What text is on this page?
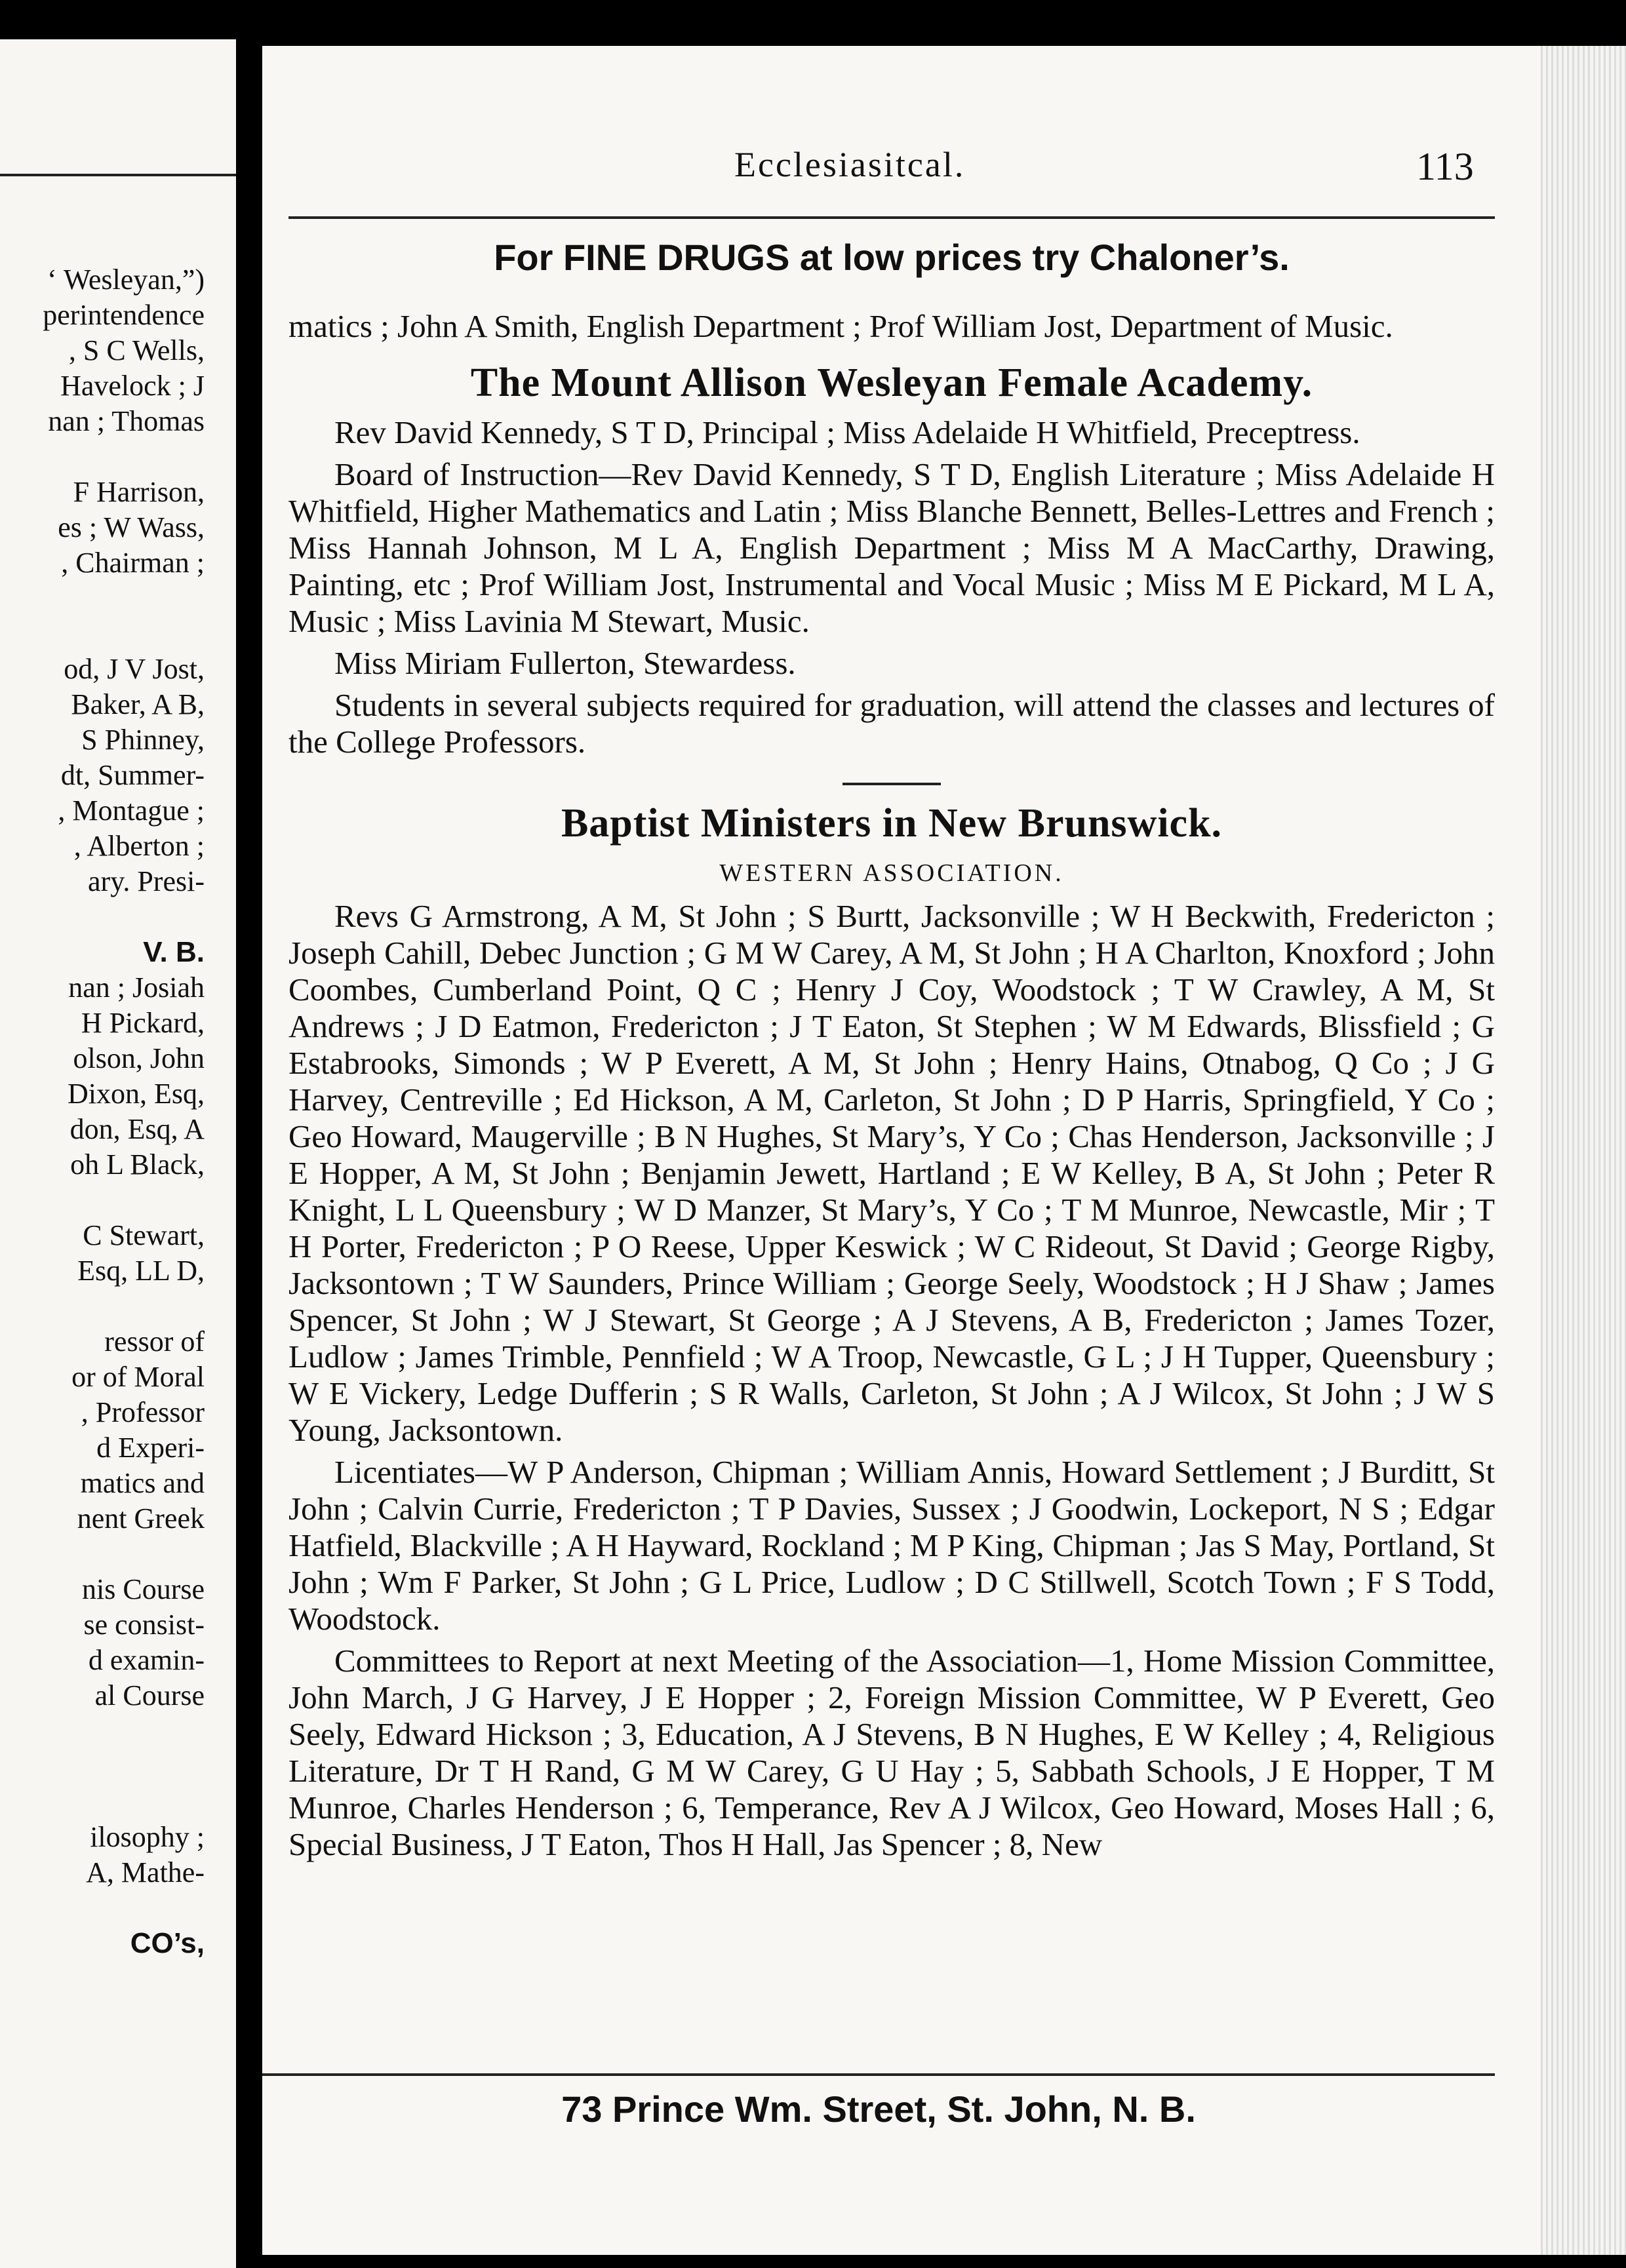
‘ Wesleyan,”)
perintendence
, S C Wells,
Havelock ; J
nan ; Thomas
F Harrison,
es ; W Wass,
, Chairman ;
od, J V Jost,
Baker, A B,
S Phinney,
dt, Summer-
, Montague ;
, Alberton ;
ary. Presi-
V. B.
nan ; Josiah
H Pickard,
olson, John
Dixon, Esq,
don, Esq, A
oh L Black,
C Stewart,
Esq, LL D,
ressor of
or of Moral
, Professor
d Experi-
matics and
nent Greek
nis Course
se consist-
d examin-
al Course
ilosophy ;
A, Mathe-
CO’s,
Ecclesiasitcal.	113
For FINE DRUGS at low prices try Chaloner’s.

matics ; John A Smith, English Department ; Prof William Jost, Department of Music.

The Mount Allison Wesleyan Female Academy.

Rev David Kennedy, S T D, Principal ; Miss Adelaide H Whitfield, Preceptress.

Board of Instruction—Rev David Kennedy, S T D, English Literature ; Miss Adelaide H Whitfield, Higher Mathematics and Latin ; Miss Blanche Bennett, Belles-Lettres and French ; Miss Hannah Johnson, M L A, English Department ; Miss M A MacCarthy, Drawing, Painting, etc ; Prof William Jost, Instrumental and Vocal Music ; Miss M E Pickard, M L A, Music ; Miss Lavinia M Stewart, Music.

Miss Miriam Fullerton, Stewardess.

Students in several subjects required for graduation, will attend the classes and lectures of the College Professors.

Baptist Ministers in New Brunswick.
WESTERN ASSOCIATION.

Revs G Armstrong, A M, St John ; S Burtt, Jacksonville ; W H Beckwith, Fredericton ; Joseph Cahill, Debec Junction ; G M W Carey, A M, St John ; H A Charlton, Knoxford ; John Coombes, Cumberland Point, Q C ; Henry J Coy, Woodstock ; T W Crawley, A M, St Andrews ; J D Eatmon, Fredericton ; J T Eaton, St Stephen ; W M Edwards, Blissfield ; G Estabrooks, Simonds ; W P Everett, A M, St John ; Henry Hains, Otnabog, Q Co ; J G Harvey, Centreville ; Ed Hickson, A M, Carleton, St John ; D P Harris, Springfield, Y Co ; Geo Howard, Maugerville ; B N Hughes, St Mary’s, Y Co ; Chas Henderson, Jacksonville ; J E Hopper, A M, St John ; Benjamin Jewett, Hartland ; E W Kelley, B A, St John ; Peter R Knight, L L Queensbury ; W D Manzer, St Mary’s, Y Co ; T M Munroe, Newcastle, Mir ; T H Porter, Fredericton ; P O Reese, Upper Keswick ; W C Rideout, St David ; George Rigby, Jacksontown ; T W Saunders, Prince William ; George Seely, Woodstock ; H J Shaw ; James Spencer, St John ; W J Stewart, St George ; A J Stevens, A B, Fredericton ; James Tozer, Ludlow ; James Trimble, Pennfield ; W A Troop, Newcastle, G L ; J H Tupper, Queensbury ; W E Vickery, Ledge Dufferin ; S R Walls, Carleton, St John ; A J Wilcox, St John ; J W S Young, Jacksontown.

Licentiates—W P Anderson, Chipman ; William Annis, Howard Settlement ; J Burditt, St John ; Calvin Currie, Fredericton ; T P Davies, Sussex ; J Goodwin, Lockeport, N S ; Edgar Hatfield, Blackville ; A H Hayward, Rockland ; M P King, Chipman ; Jas S May, Portland, St John ; Wm F Parker, St John ; G L Price, Ludlow ; D C Stillwell, Scotch Town ; F S Todd, Woodstock.

Committees to Report at next Meeting of the Association—1, Home Mission Committee, John March, J G Harvey, J E Hopper ; 2, Foreign Mission Committee, W P Everett, Geo Seely, Edward Hickson ; 3, Education, A J Stevens, B N Hughes, E W Kelley ; 4, Religious Literature, Dr T H Rand, G M W Carey, G U Hay ; 5, Sabbath Schools, J E Hopper, T M Munroe, Charles Henderson ; 6, Temperance, Rev A J Wilcox, Geo Howard, Moses Hall ; 6, Special Business, J T Eaton, Thos H Hall, Jas Spencer ; 8, New

73 Prince Wm. Street, St. John, N. B.
